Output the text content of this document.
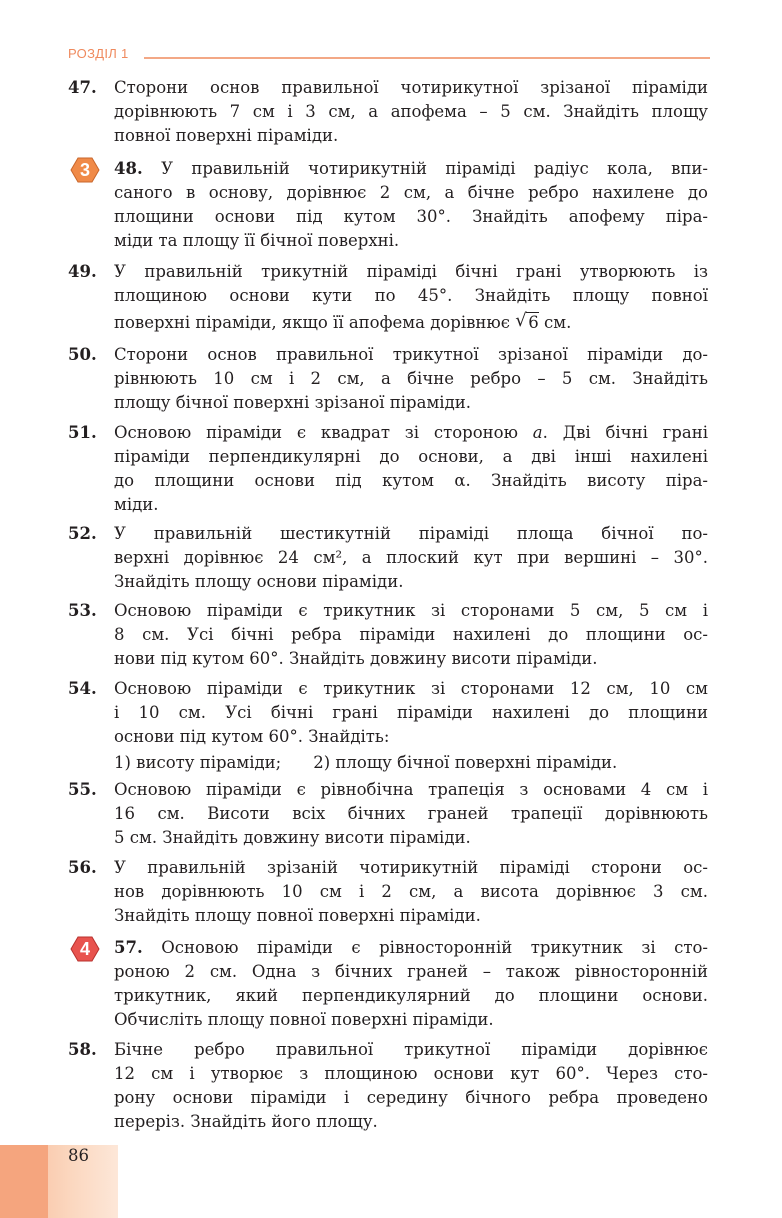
РОЗДІЛ 1
47. Сторони основ правильної чотирикутної зрізаної піраміди
дорівнюють 7 см і 3 см, а апофема – 5 см. Знайдіть площу
повної поверхні піраміди.
3	48. У правильній чотирикутній піраміді радіус кола, впи-
саного в основу, дорівнює 2 см, а бічне ребро нахилене до
площини основи під кутом 30°. Знайдіть апофему пірa-
міди та площу її бічної поверхні.
49. У правильній трикутній піраміді бічні грані утворюють із
площиною основи кути по 45°. Знайдіть площу повної
поверхні піраміди, якщо її апофема дорівнює √ 6 см.
50. Сторони основ правильної трикутної зрізаної піраміди до-
рівнюють 10 см і 2 см, а бічне ребро – 5 см. Знайдіть
площу бічної поверхні зрізаної піраміди.
51. Основою піраміди є квадрат зі стороною a. Дві бічні грані
піраміди перпендикулярні до основи, а дві інші нахилені
до площини основи під кутом α. Знайдіть висоту піра-
міди.
52. У правильній шестикутній піраміді площа бічної по-
верхні дорівнює 24 см², а плоский кут при вершині – 30°.
Знайдіть площу основи піраміди.
53. Основою піраміди є трикутник зі сторонами 5 см, 5 см і
8 см. Усі бічні ребра піраміди нахилені до площини ос-
нови під кутом 60°. Знайдіть довжину висоти піраміди.
54. Основою піраміди є трикутник зі сторонами 12 см, 10 см
і 10 см. Усі бічні грані піраміди нахилені до площини
основи під кутом 60°. Знайдіть:
1) висоту піраміди; 2) площу бічної поверхні піраміди.
55. Основою піраміди є рівнобічна трапеція з основами 4 см і
16 см. Висоти всіх бічних граней трапеції дорівнюють
5 см. Знайдіть довжину висоти піраміди.
56. У правильній зрізаній чотирикутній піраміді сторони ос-
нов дорівнюють 10 см і 2 см, а висота дорівнює 3 см.
Знайдіть площу повної поверхні піраміди.
4	57. Основою піраміди є рівносторонній трикутник зі сто-
роною 2 см. Одна з бічних граней – також рівносторонній
трикутник, який перпендикулярний до площини основи.
Обчисліть площу повної поверхні піраміди.
58. Бічне ребро правильної трикутної піраміди дорівнює
12 см і утворює з площиною основи кут 60°. Через сто-
рону основи піраміди і середину бічного ребра проведено
переріз. Знайдіть його площу.
86
